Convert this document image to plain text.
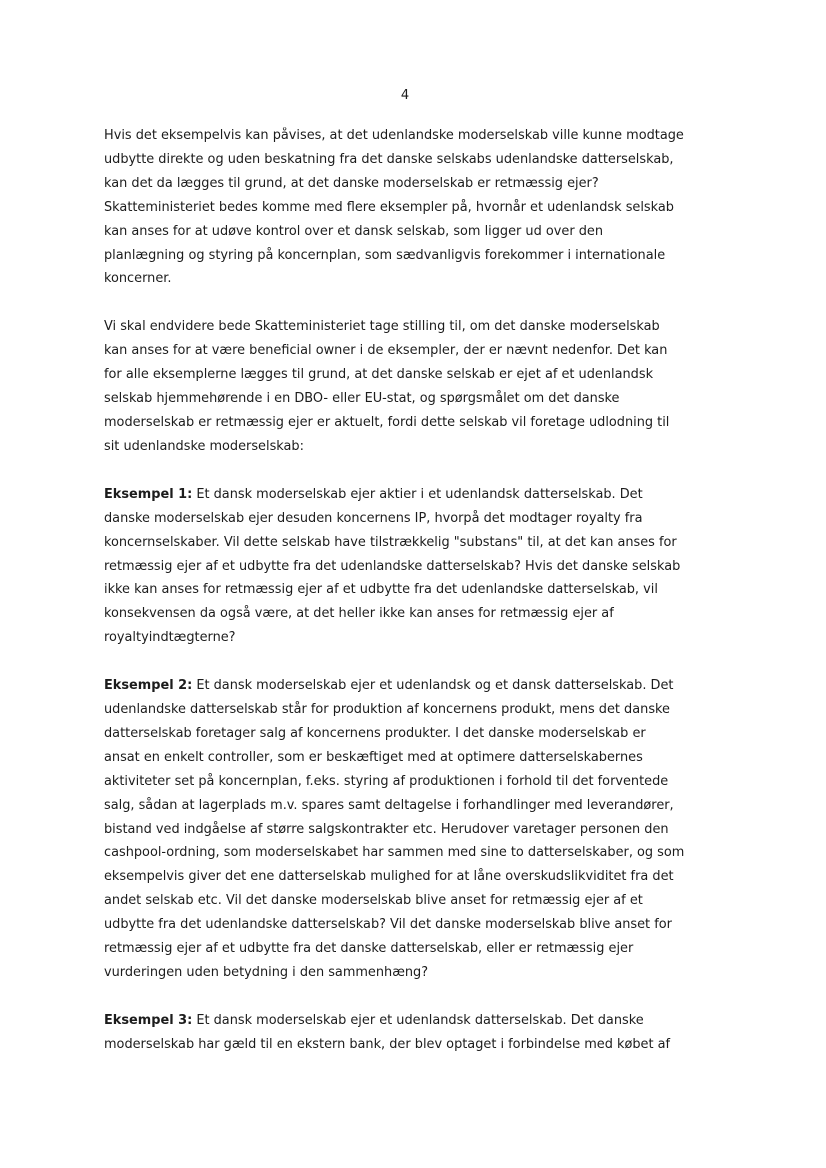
4

Hvis det eksempelvis kan påvises, at det udenlandske moderselskab ville kunne modtage

udbytte direkte og uden beskatning fra det danske selskabs udenlandske datterselskab,

kan det da lægges til grund, at det danske moderselskab er retmæssig ejer?

Skatteministeriet bedes komme med flere eksempler på, hvornår et udenlandsk selskab

kan anses for at udøve kontrol over et dansk selskab, som ligger ud over den

planlægning og styring på koncernplan, som sædvanligvis forekommer i internationale

koncerner.

Vi skal endvidere bede Skatteministeriet tage stilling til, om det danske moderselskab

kan anses for at være beneficial owner i de eksempler, der er nævnt nedenfor. Det kan

for alle eksemplerne lægges til grund, at det danske selskab er ejet af et udenlandsk

selskab hjemmehørende i en DBO- eller EU-stat, og spørgsmålet om det danske

moderselskab er retmæssig ejer er aktuelt, fordi dette selskab vil foretage udlodning til

sit udenlandske moderselskab:

Eksempel 1: Et dansk moderselskab ejer aktier i et udenlandsk datterselskab. Det

danske moderselskab ejer desuden koncernens IP, hvorpå det modtager royalty fra

koncernselskaber. Vil dette selskab have tilstrækkelig "substans" til, at det kan anses for

retmæssig ejer af et udbytte fra det udenlandske datterselskab? Hvis det danske selskab

ikke kan anses for retmæssig ejer af et udbytte fra det udenlandske datterselskab, vil

konsekvensen da også være, at det heller ikke kan anses for retmæssig ejer af

royaltyindtægterne?

Eksempel 2: Et dansk moderselskab ejer et udenlandsk og et dansk datterselskab. Det

udenlandske datterselskab står for produktion af koncernens produkt, mens det danske

datterselskab foretager salg af koncernens produkter. I det danske moderselskab er

ansat en enkelt controller, som er beskæftiget med at optimere datterselskabernes

aktiviteter set på koncernplan, f.eks. styring af produktionen i forhold til det forventede

salg, sådan at lagerplads m.v. spares samt deltagelse i forhandlinger med leverandører,

bistand ved indgåelse af større salgskontrakter etc. Herudover varetager personen den

cashpool-ordning, som moderselskabet har sammen med sine to datterselskaber, og som

eksempelvis giver det ene datterselskab mulighed for at låne overskudslikviditet fra det

andet selskab etc. Vil det danske moderselskab blive anset for retmæssig ejer af et

udbytte fra det udenlandske datterselskab? Vil det danske moderselskab blive anset for

retmæssig ejer af et udbytte fra det danske datterselskab, eller er retmæssig ejer

vurderingen uden betydning i den sammenhæng?

Eksempel 3: Et dansk moderselskab ejer et udenlandsk datterselskab. Det danske

moderselskab har gæld til en ekstern bank, der blev optaget i forbindelse med købet af
